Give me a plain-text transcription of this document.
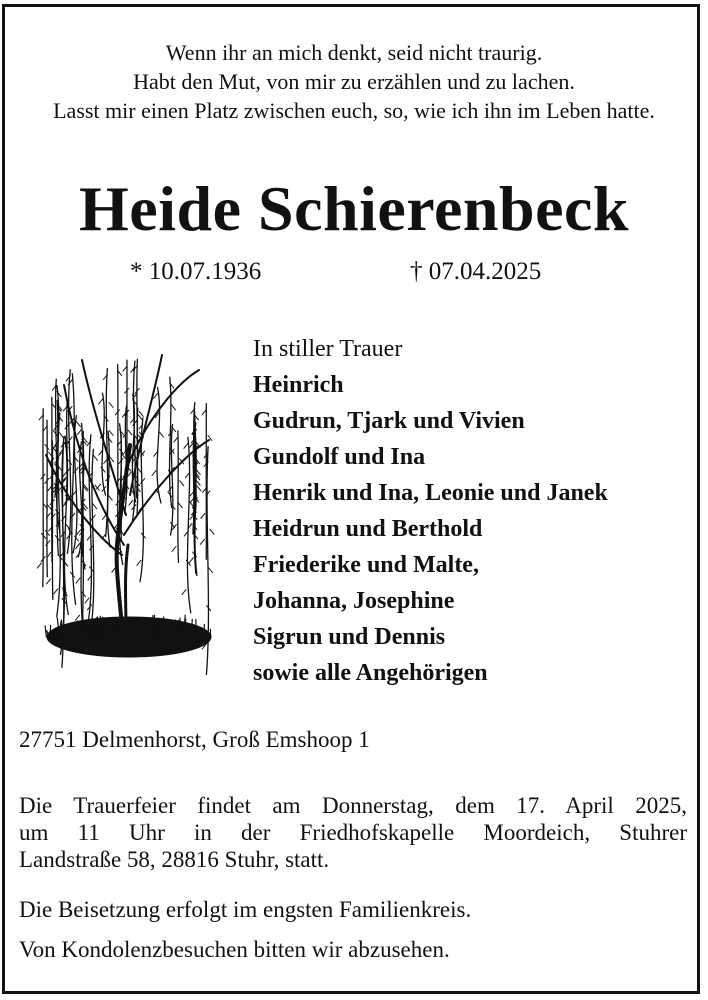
Wenn ihr an mich denkt, seid nicht traurig.
Habt den Mut, von mir zu erzählen und zu lachen.
Lasst mir einen Platz zwischen euch, so, wie ich ihn im Leben hatte.
Heide Schierenbeck
* 10.07.1936	† 07.04.2025
In stiller Trauer
Heinrich
Gudrun, Tjark und Vivien
Gundolf und Ina
Henrik und Ina, Leonie und Janek
Heidrun und Berthold
Friederike und Malte,
Johanna, Josephine
Sigrun und Dennis
sowie alle Angehörigen
27751 Delmenhorst, Groß Emshoop 1
Die Trauerfeier findet am Donnerstag, dem 17. April 2025,
um 11 Uhr in der Friedhofskapelle Moordeich, Stuhrer
Landstraße 58, 28816 Stuhr, statt.
Die Beisetzung erfolgt im engsten Familienkreis.
Von Kondolenzbesuchen bitten wir abzusehen.
